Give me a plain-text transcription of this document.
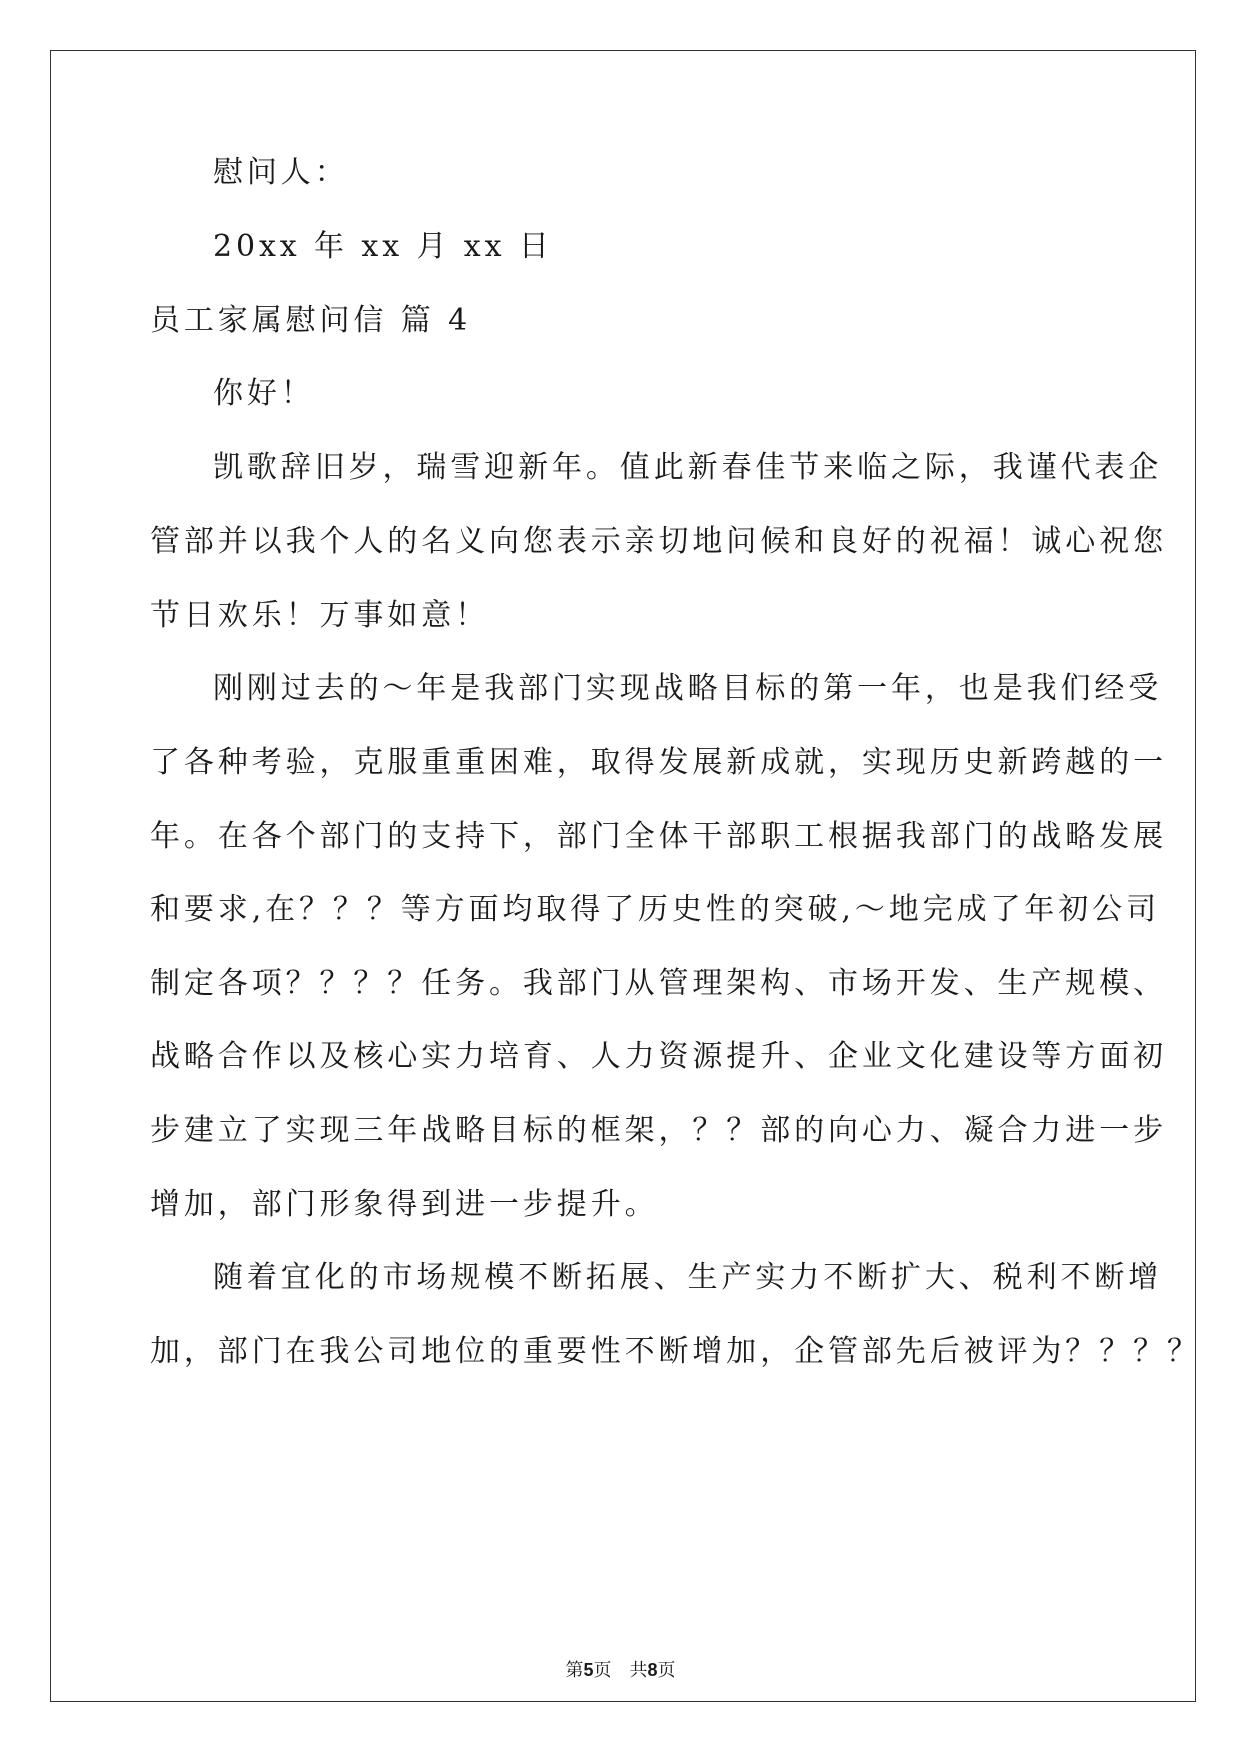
慰问人：
20xx 年 xx 月 xx 日
员工家属慰问信 篇 4
你好！
凯歌辞旧岁，瑞雪迎新年。值此新春佳节来临之际，我谨代表企
管部并以我个人的名义向您表示亲切地问候和良好的祝福！诚心祝您
节日欢乐！万事如意！
刚刚过去的～年是我部门实现战略目标的第一年，也是我们经受
了各种考验，克服重重困难，取得发展新成就，实现历史新跨越的一
年。在各个部门的支持下，部门全体干部职工根据我部门的战略发展
和要求,在？？？等方面均取得了历史性的突破,～地完成了年初公司
制定各项？？？？任务。我部门从管理架构、市场开发、生产规模、
战略合作以及核心实力培育、人力资源提升、企业文化建设等方面初
步建立了实现三年战略目标的框架，？？部的向心力、凝合力进一步
增加，部门形象得到进一步提升。
随着宜化的市场规模不断拓展、生产实力不断扩大、税利不断增
加，部门在我公司地位的重要性不断增加，企管部先后被评为？？？？
第5页 共8页
